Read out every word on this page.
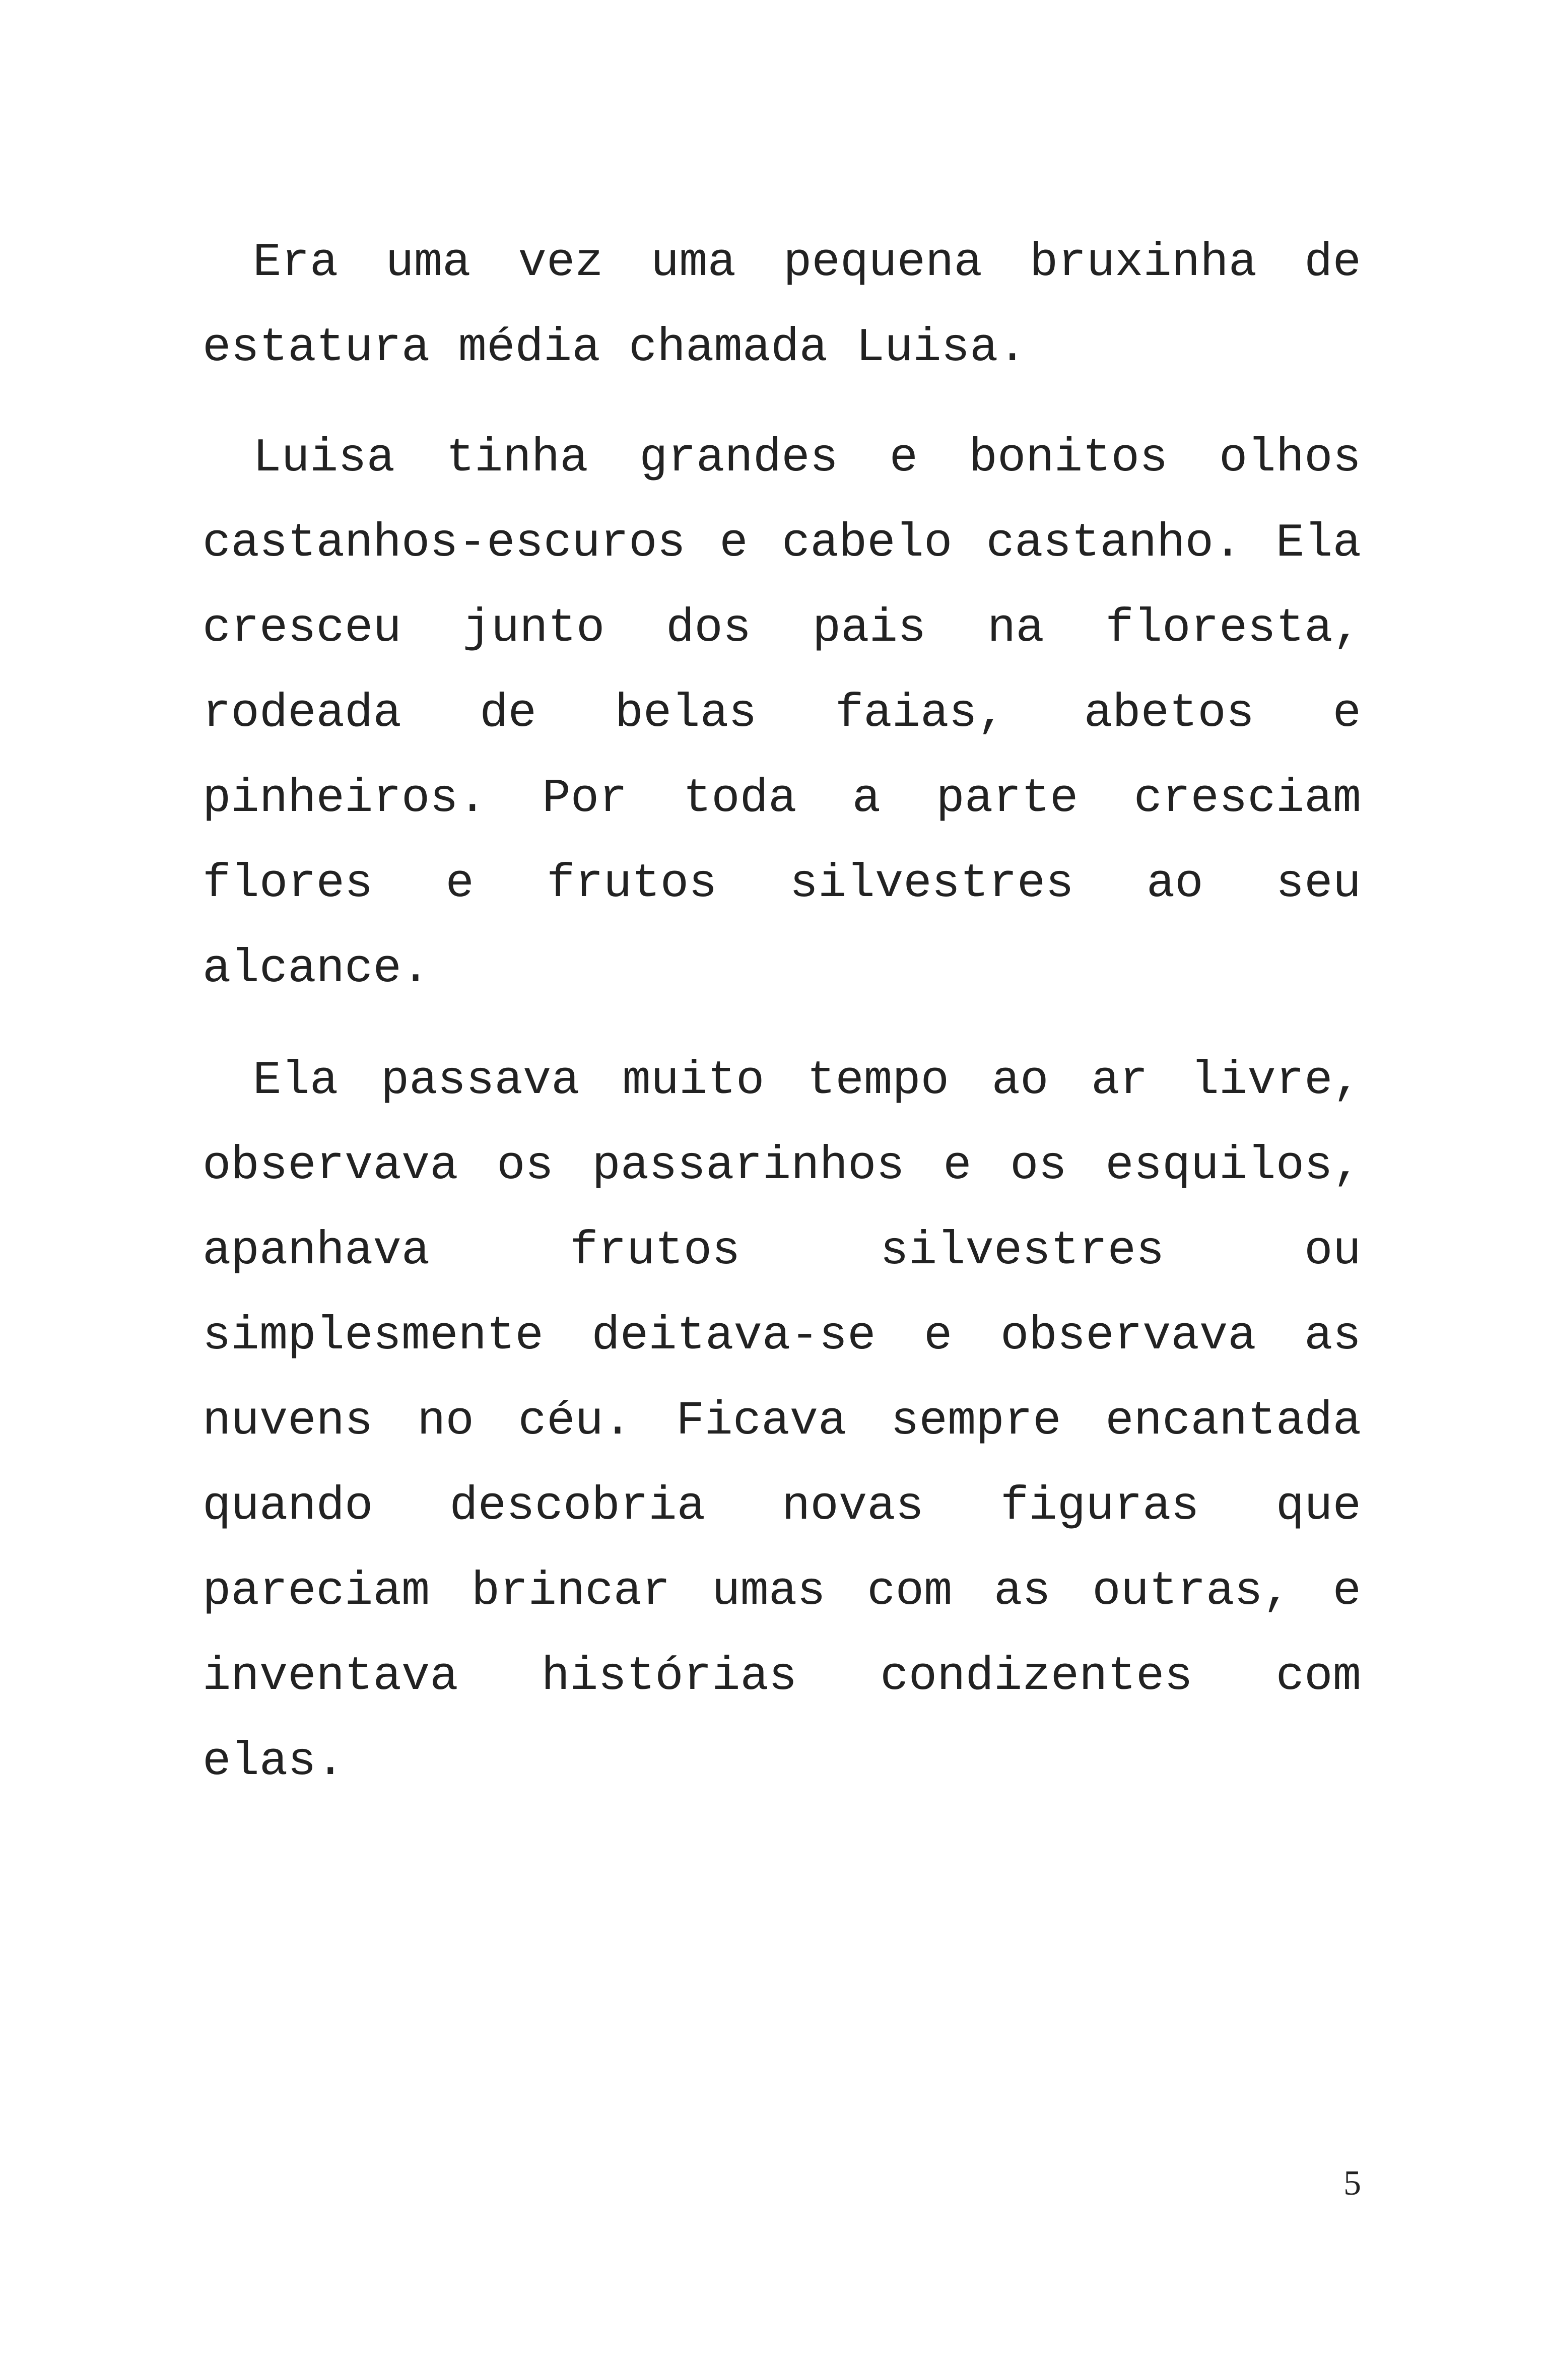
Era uma vez uma pequena bruxinha de estatura média chamada Luisa.

Luisa tinha grandes e bonitos olhos castanhos-escuros e cabelo castanho. Ela cresceu junto dos pais na floresta, rodeada de belas faias, abetos e pinheiros. Por toda a parte cresciam flores e frutos silvestres ao seu alcance.

Ela passava muito tempo ao ar livre, observava os passarinhos e os esquilos, apanhava frutos silvestres ou simplesmente deitava-se e observava as nuvens no céu. Ficava sempre encantada quando descobria novas figuras que pareciam brincar umas com as outras, e inventava histórias condizentes com elas.

5
